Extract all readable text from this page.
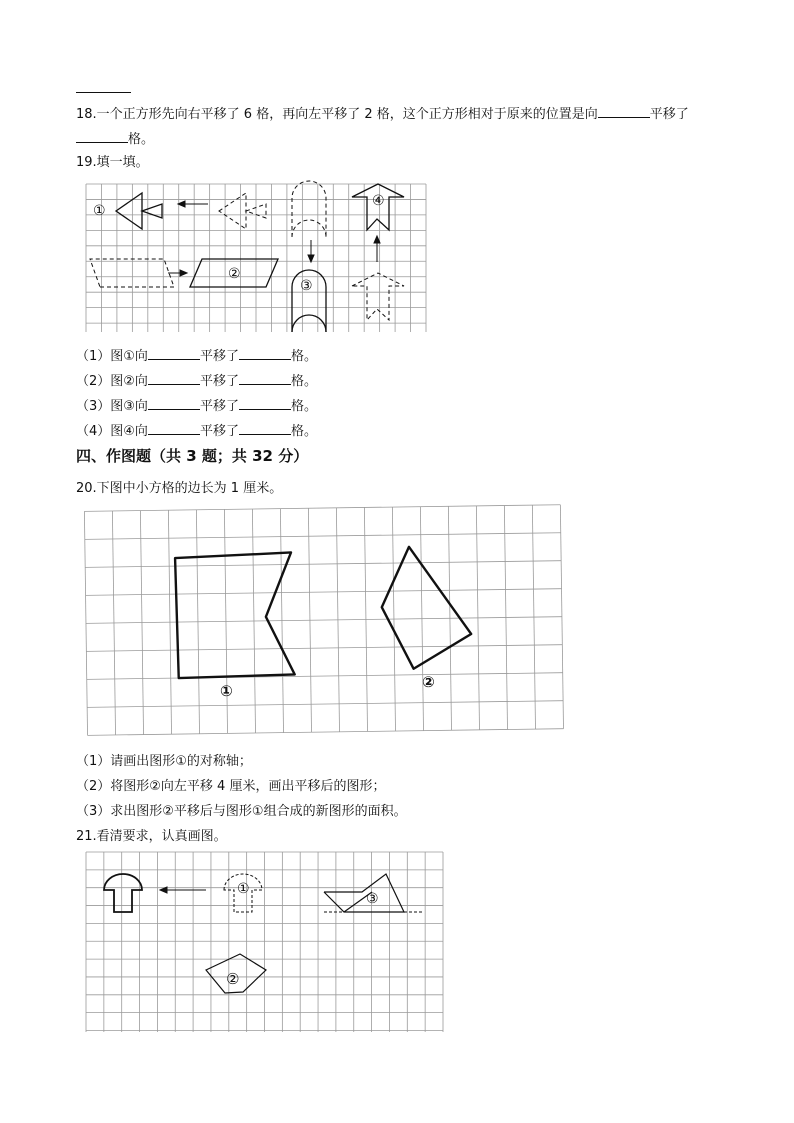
18.一个正方形先向右平移了 6 格，再向左平移了 2 格，这个正方形相对于原来的位置是向	平移了
格。
19.填一填。
①
②
③
④
（1）图①向	平移了	格。
（2）图②向	平移了	格。
（3）图③向	平移了	格。
（4）图④向	平移了	格。
四、作图题（共 3 题；共 32 分）
20.下图中小方格的边长为 1 厘米。
①	②
（1）请画出图形①的对称轴；
（2）将图形②向左平移 4 厘米，画出平移后的图形；
（3）求出图形②平移后与图形①组合成的新图形的面积。
21.看清要求，认真画图。
①
③
②
